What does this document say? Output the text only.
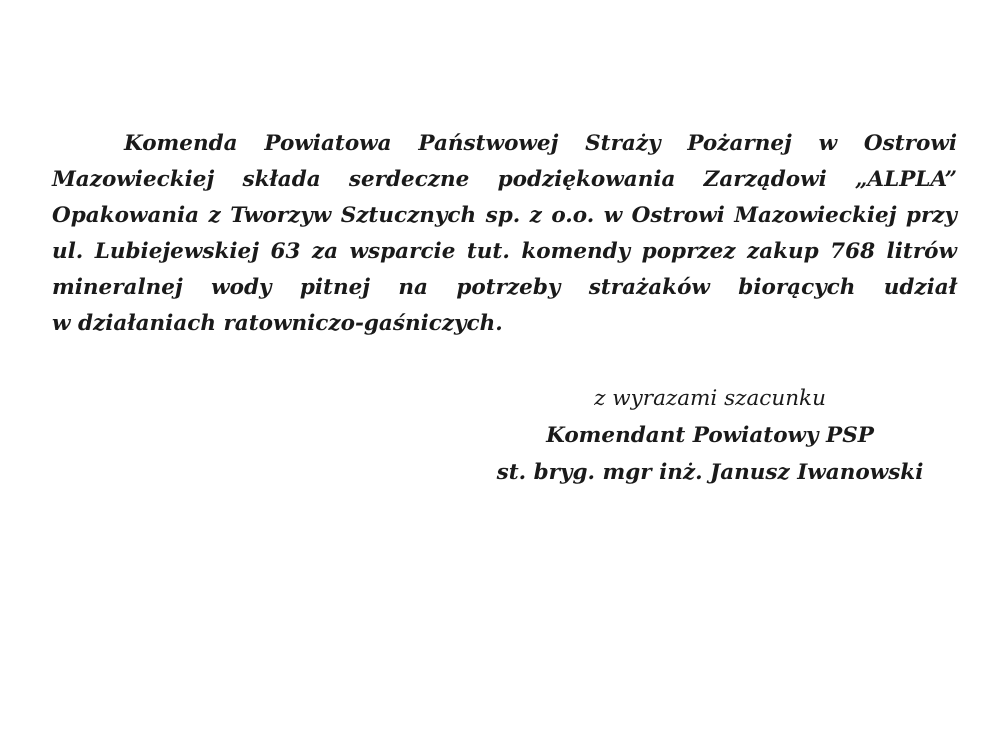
Komenda Powiatowa Państwowej Straży Pożarnej w Ostrowi
Mazowieckiej składa serdeczne podziękowania Zarządowi „ALPLA”
Opakowania z Tworzyw Sztucznych sp. z o.o. w Ostrowi Mazowieckiej przy
ul. Lubiejewskiej 63 za wsparcie tut. komendy poprzez zakup 768 litrów
mineralnej wody pitnej na potrzeby strażaków biorących udział
w działaniach ratowniczo-gaśniczych.
z wyrazami szacunku
Komendant Powiatowy PSP
st. bryg. mgr inż. Janusz Iwanowski
